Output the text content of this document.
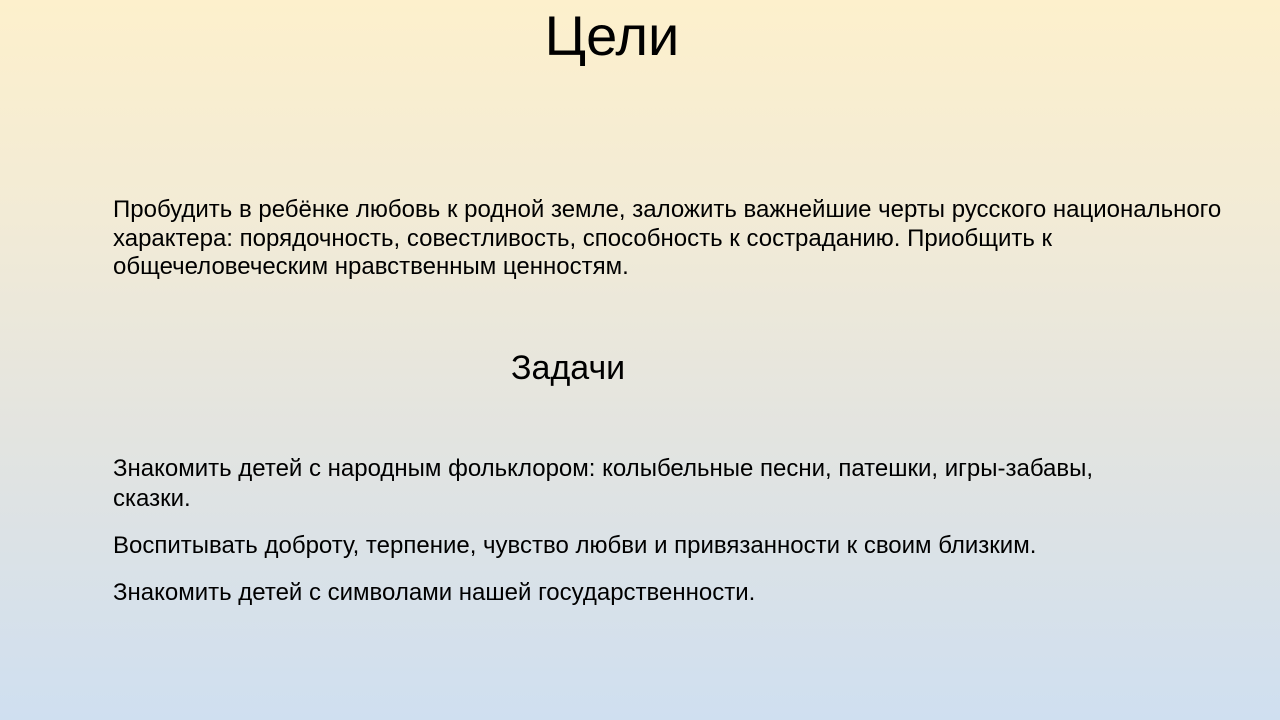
Цели

Пробудить в ребёнке любовь к родной земле, заложить важнейшие черты русского национального характера: порядочность, совестливость, способность к состраданию. Приобщить к общечеловеческим нравственным ценностям.

Задачи
Знакомить детей с народным фольклором: колыбельные песни, патешки, игры-забавы, сказки.
Воспитывать доброту, терпение, чувство любви и привязанности к своим близким.
Знакомить детей с символами нашей государственности.
